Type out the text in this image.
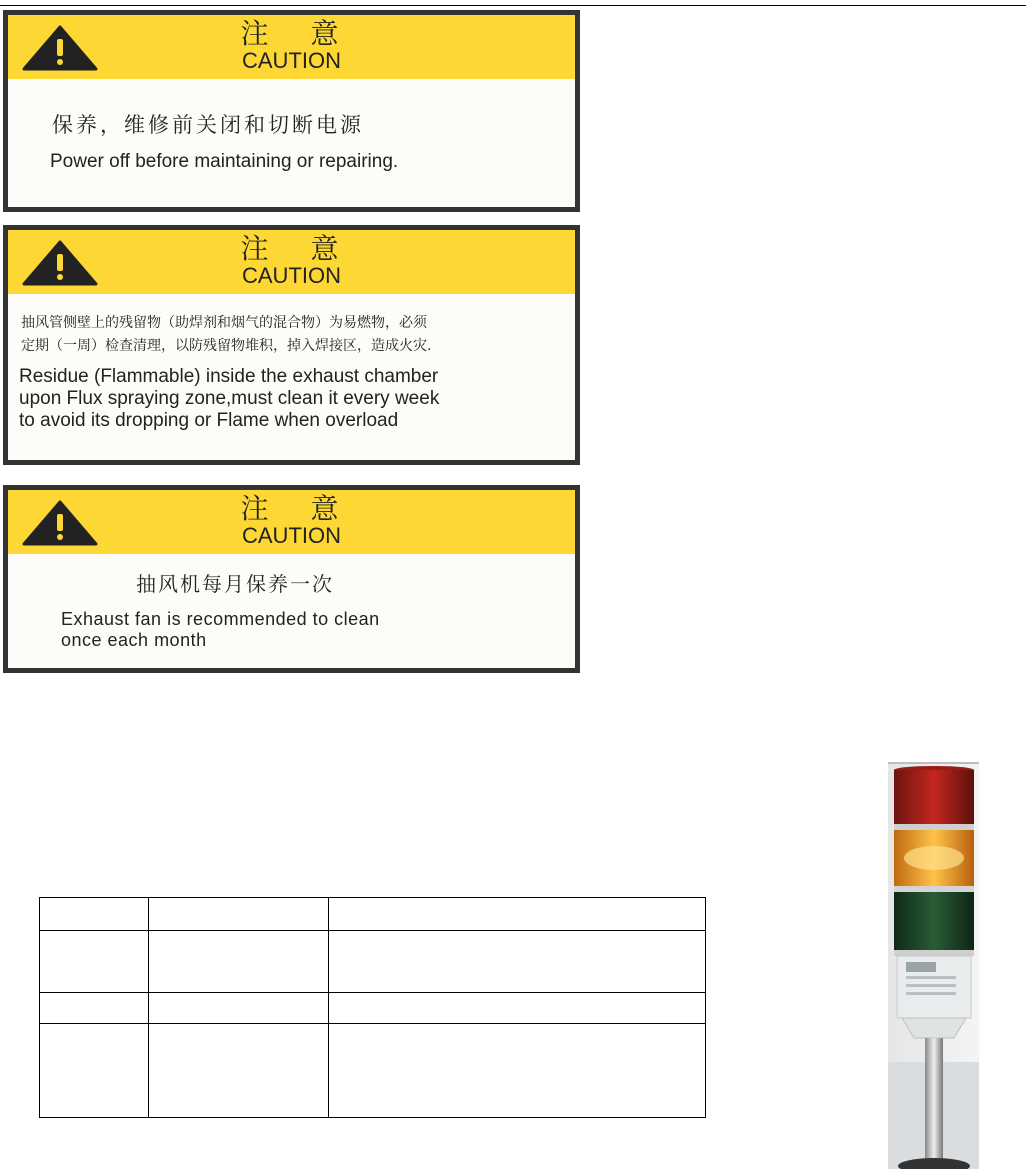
注 意
CAUTION
保养，维修前关闭和切断电源
Power off before maintaining or repairing.
注 意
CAUTION
抽风管侧壁上的残留物（助焊剂和烟气的混合物）为易燃物，必须
定期（一周）检查清理，以防残留物堆积，掉入焊接区，造成火灾.
Residue (Flammable) inside the exhaust chamber
upon Flux spraying zone,must clean it every week
to avoid its dropping or Flame when overload
注 意
CAUTION
抽风机每月保养一次
Exhaust fan is recommended to clean
once each month
